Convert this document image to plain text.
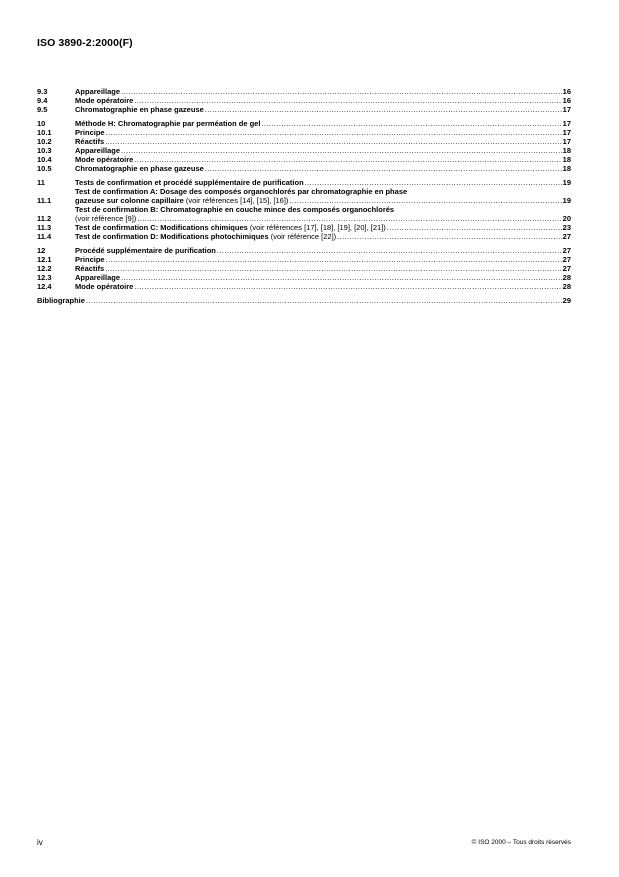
ISO 3890-2:2000(F)
9.3	Appareillage .....	16
9.4	Mode opératoire .....	16
9.5	Chromatographie en phase gazeuse .....	17
10	Méthode H: Chromatographie par perméation de gel .....	17
10.1	Principe .....	17
10.2	Réactifs .....	17
10.3	Appareillage .....	18
10.4	Mode opératoire .....	18
10.5	Chromatographie en phase gazeuse .....	18
11	Tests de confirmation et procédé supplémentaire de purification .....	19
11.1
Test de confirmation A: Dosage des composés organochlorés par chromatographie en phase
gazeuse sur colonne capillaire (voir références [14], [15], [16]) .....	19
11.2
Test de confirmation B: Chromatographie en couche mince des composés organochlorés
(voir référence [9]) .....	20
11.3	Test de confirmation C: Modifications chimiques (voir références [17], [18], [19], [20], [21]) .....	23
11.4	Test de confirmation D: Modifications photochimiques (voir référence [22]) .....	27
12	Procédé supplémentaire de purification .....	27
12.1	Principe .....	27
12.2	Réactifs .....	27
12.3	Appareillage .....	28
12.4	Mode opératoire .....	28
Bibliographie .....	29
iv	© ISO 2000 – Tous droits réservés
